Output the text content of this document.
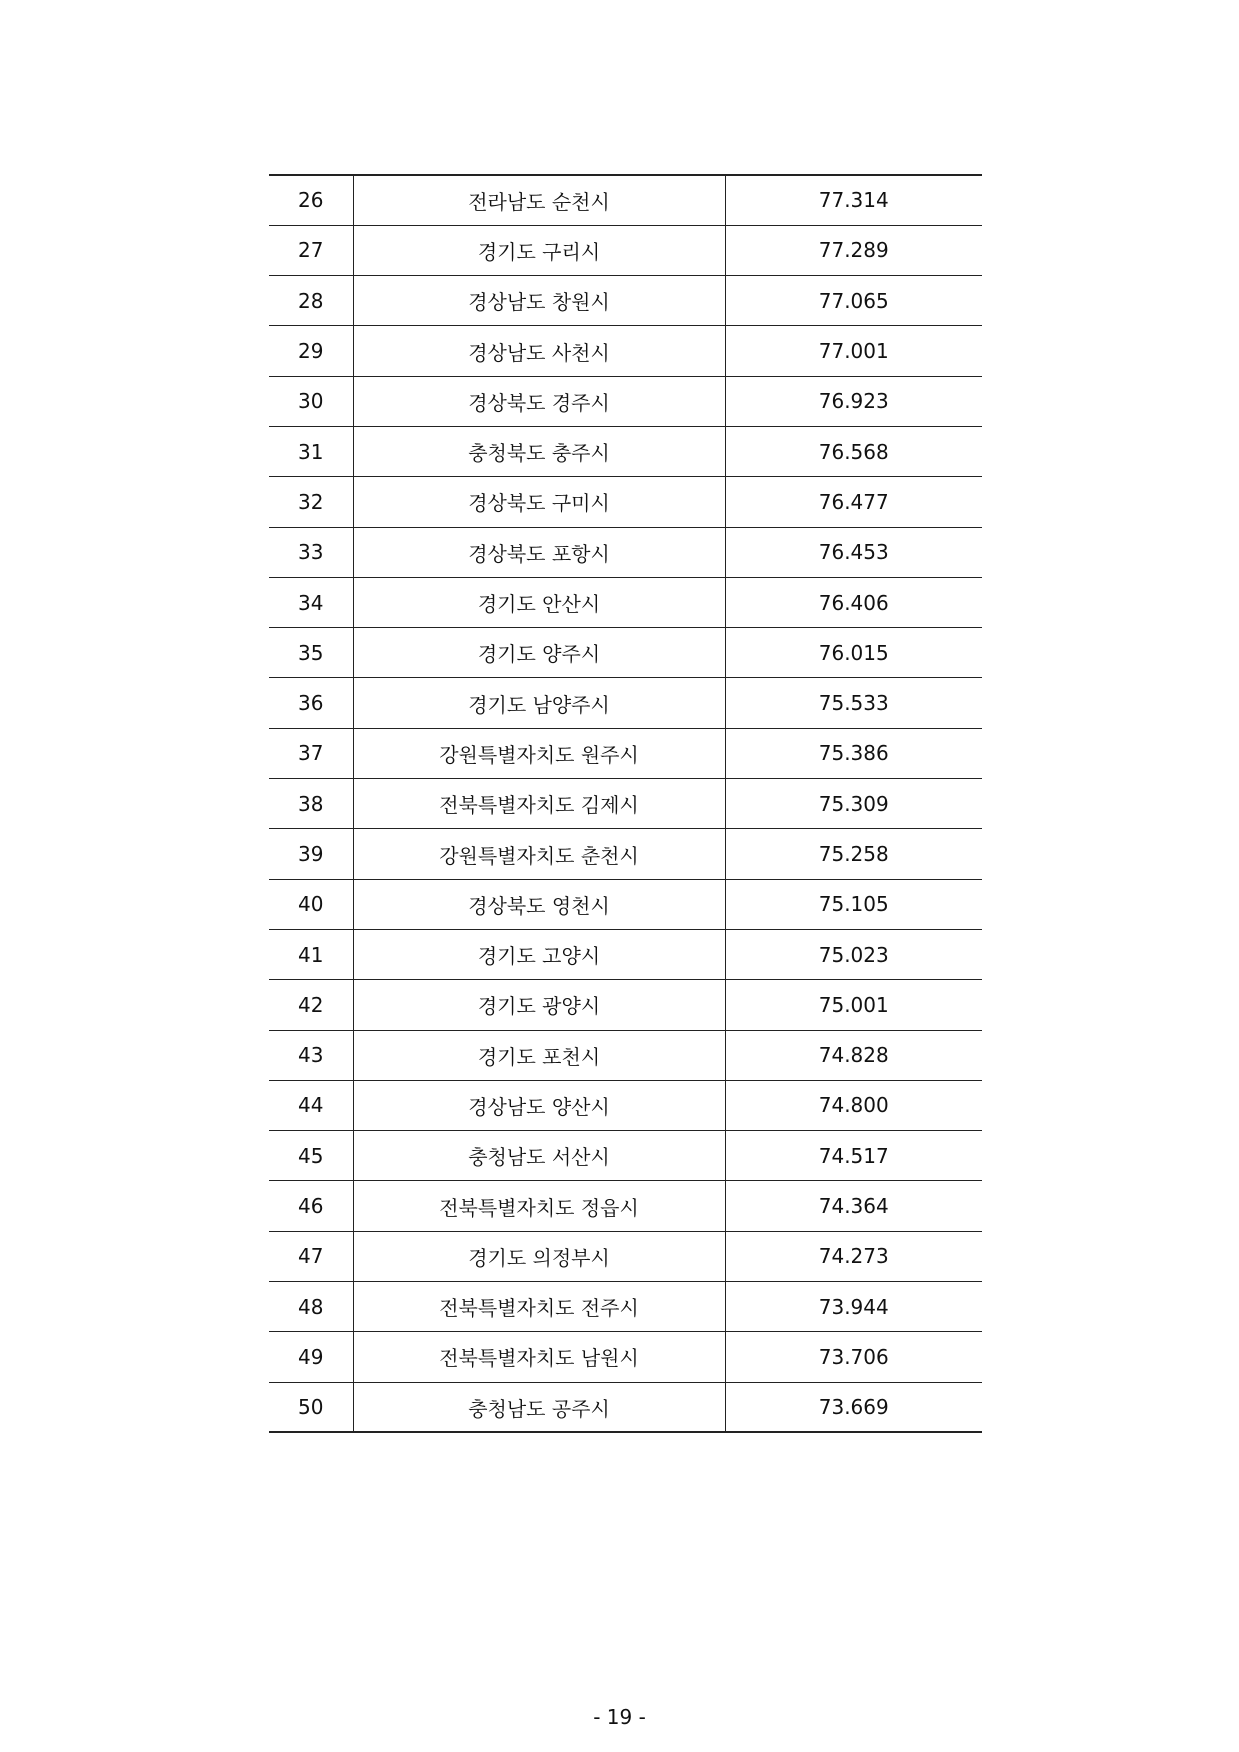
26	전라남도 순천시	77.314
27	경기도 구리시	77.289
28	경상남도 창원시	77.065
29	경상남도 사천시	77.001
30	경상북도 경주시	76.923
31	충청북도 충주시	76.568
32	경상북도 구미시	76.477
33	경상북도 포항시	76.453
34	경기도 안산시	76.406
35	경기도 양주시	76.015
36	경기도 남양주시	75.533
37	강원특별자치도 원주시	75.386
38	전북특별자치도 김제시	75.309
39	강원특별자치도 춘천시	75.258
40	경상북도 영천시	75.105
41	경기도 고양시	75.023
42	경기도 광양시	75.001
43	경기도 포천시	74.828
44	경상남도 양산시	74.800
45	충청남도 서산시	74.517
46	전북특별자치도 정읍시	74.364
47	경기도 의정부시	74.273
48	전북특별자치도 전주시	73.944
49	전북특별자치도 남원시	73.706
50	충청남도 공주시	73.669
- 19 -
